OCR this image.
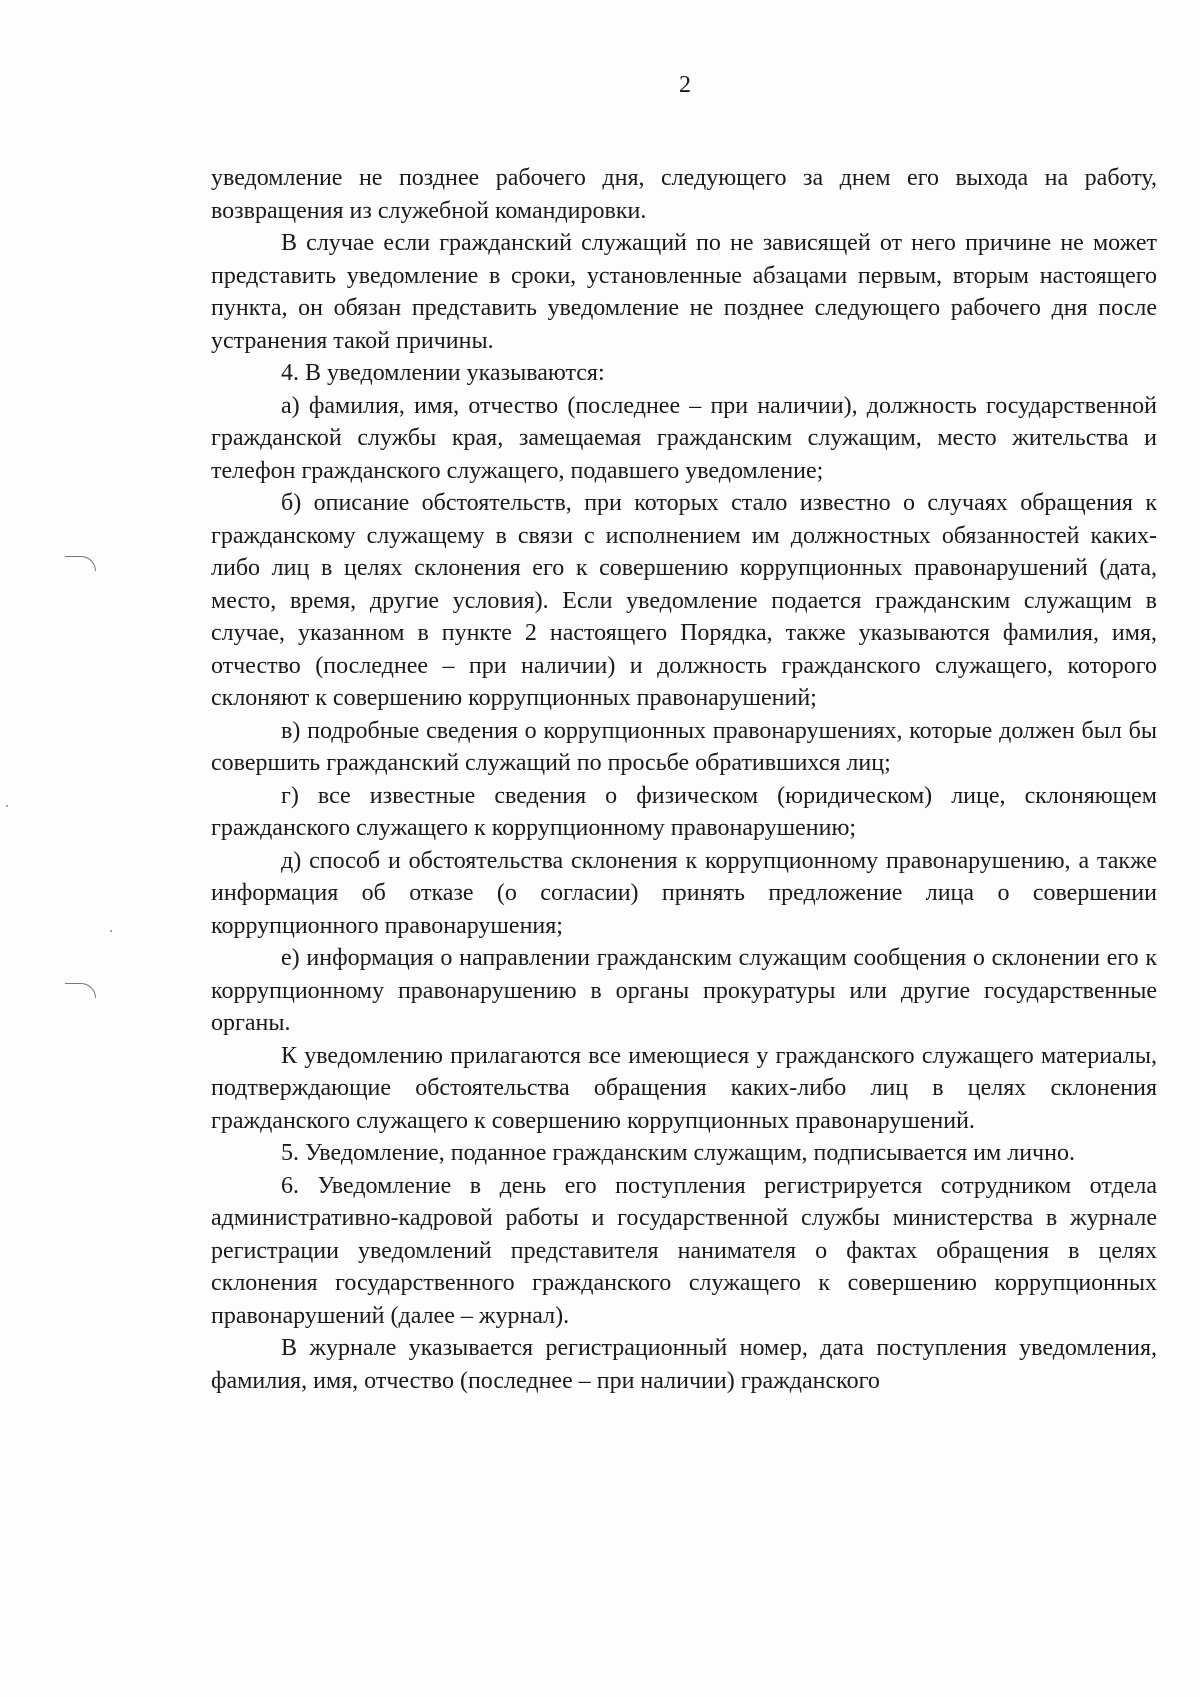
2

уведомление не позднее рабочего дня, следующего за днем его выхода на работу, возвращения из служебной командировки.

В случае если гражданский служащий по не зависящей от него причине не может представить уведомление в сроки, установленные абзацами первым, вторым настоящего пункта, он обязан представить уведомление не позднее следующего рабочего дня после устранения такой причины.

4. В уведомлении указываются:

а) фамилия, имя, отчество (последнее – при наличии), должность государственной гражданской службы края, замещаемая гражданским служащим, место жительства и телефон гражданского служащего, подавшего уведомление;

б) описание обстоятельств, при которых стало известно о случаях обращения к гражданскому служащему в связи с исполнением им должностных обязанностей каких-либо лиц в целях склонения его к совершению коррупционных правонарушений (дата, место, время, другие условия). Если уведомление подается гражданским служащим в случае, указанном в пункте 2 настоящего Порядка, также указываются фамилия, имя, отчество (последнее – при наличии) и должность гражданского служащего, которого склоняют к совершению коррупционных правонарушений;

в) подробные сведения о коррупционных правонарушениях, которые должен был бы совершить гражданский служащий по просьбе обратившихся лиц;

г) все известные сведения о физическом (юридическом) лице, склоняющем гражданского служащего к коррупционному правонарушению;

д) способ и обстоятельства склонения к коррупционному правонарушению, а также информация об отказе (о согласии) принять предложение лица о совершении коррупционного правонарушения;

е) информация о направлении гражданским служащим сообщения о склонении его к коррупционному правонарушению в органы прокуратуры или другие государственные органы.

К уведомлению прилагаются все имеющиеся у гражданского служащего материалы, подтверждающие обстоятельства обращения каких-либо лиц в целях склонения гражданского служащего к совершению коррупционных правонарушений.

5. Уведомление, поданное гражданским служащим, подписывается им лично.

6. Уведомление в день его поступления регистрируется сотрудником отдела административно-кадровой работы и государственной службы министерства в журнале регистрации уведомлений представителя нанимателя о фактах обращения в целях склонения государственного гражданского служащего к совершению коррупционных правонарушений (далее – журнал).

В журнале указывается регистрационный номер, дата поступления уведомления, фамилия, имя, отчество (последнее – при наличии) гражданского
